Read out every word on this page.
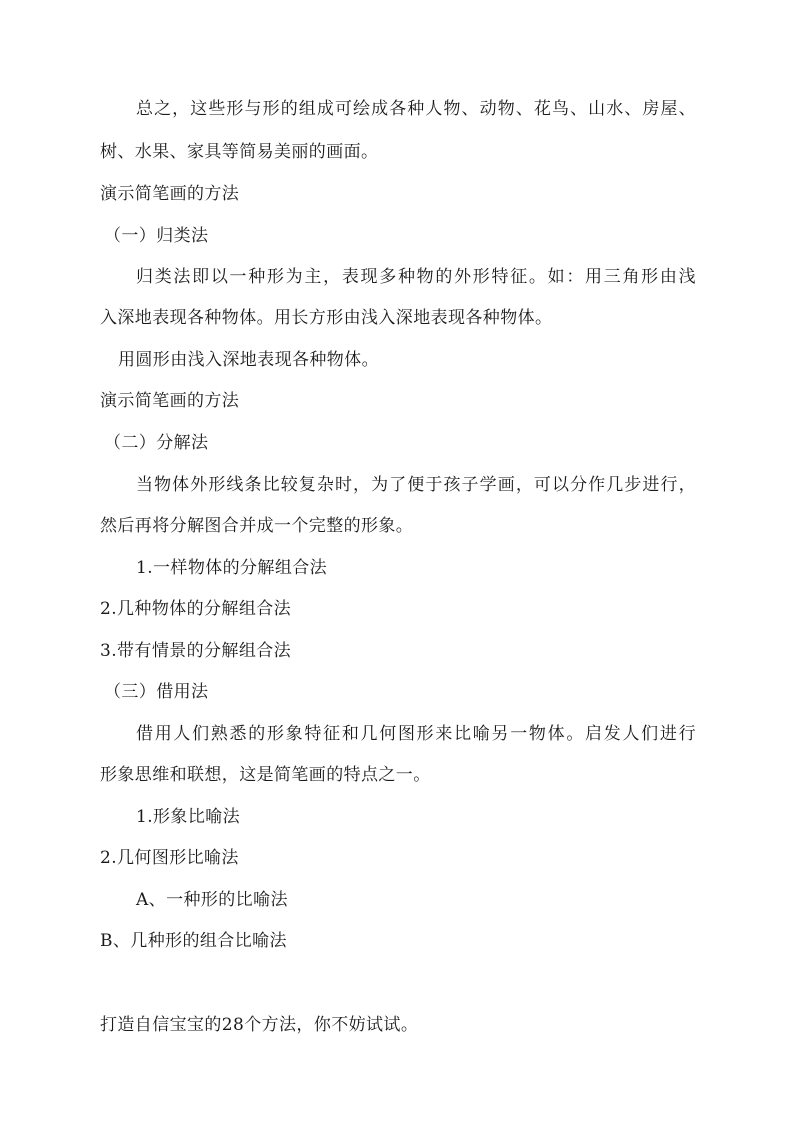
总之，这些形与形的组成可绘成各种人物、动物、花鸟、山水、房屋、
树、水果、家具等简易美丽的画面。
演示简笔画的方法
（一）归类法
归类法即以一种形为主，表现多种物的外形特征。如：用三角形由浅
入深地表现各种物体。用长方形由浅入深地表现各种物体。
用圆形由浅入深地表现各种物体。
演示简笔画的方法
（二）分解法
当物体外形线条比较复杂时，为了便于孩子学画，可以分作几步进行，
然后再将分解图合并成一个完整的形象。
1.一样物体的分解组合法
2.几种物体的分解组合法
3.带有情景的分解组合法
（三）借用法
借用人们熟悉的形象特征和几何图形来比喻另一物体。启发人们进行
形象思维和联想，这是简笔画的特点之一。
1.形象比喻法
2.几何图形比喻法
A、一种形的比喻法
B、几种形的组合比喻法
打造自信宝宝的28个方法，你不妨试试。
